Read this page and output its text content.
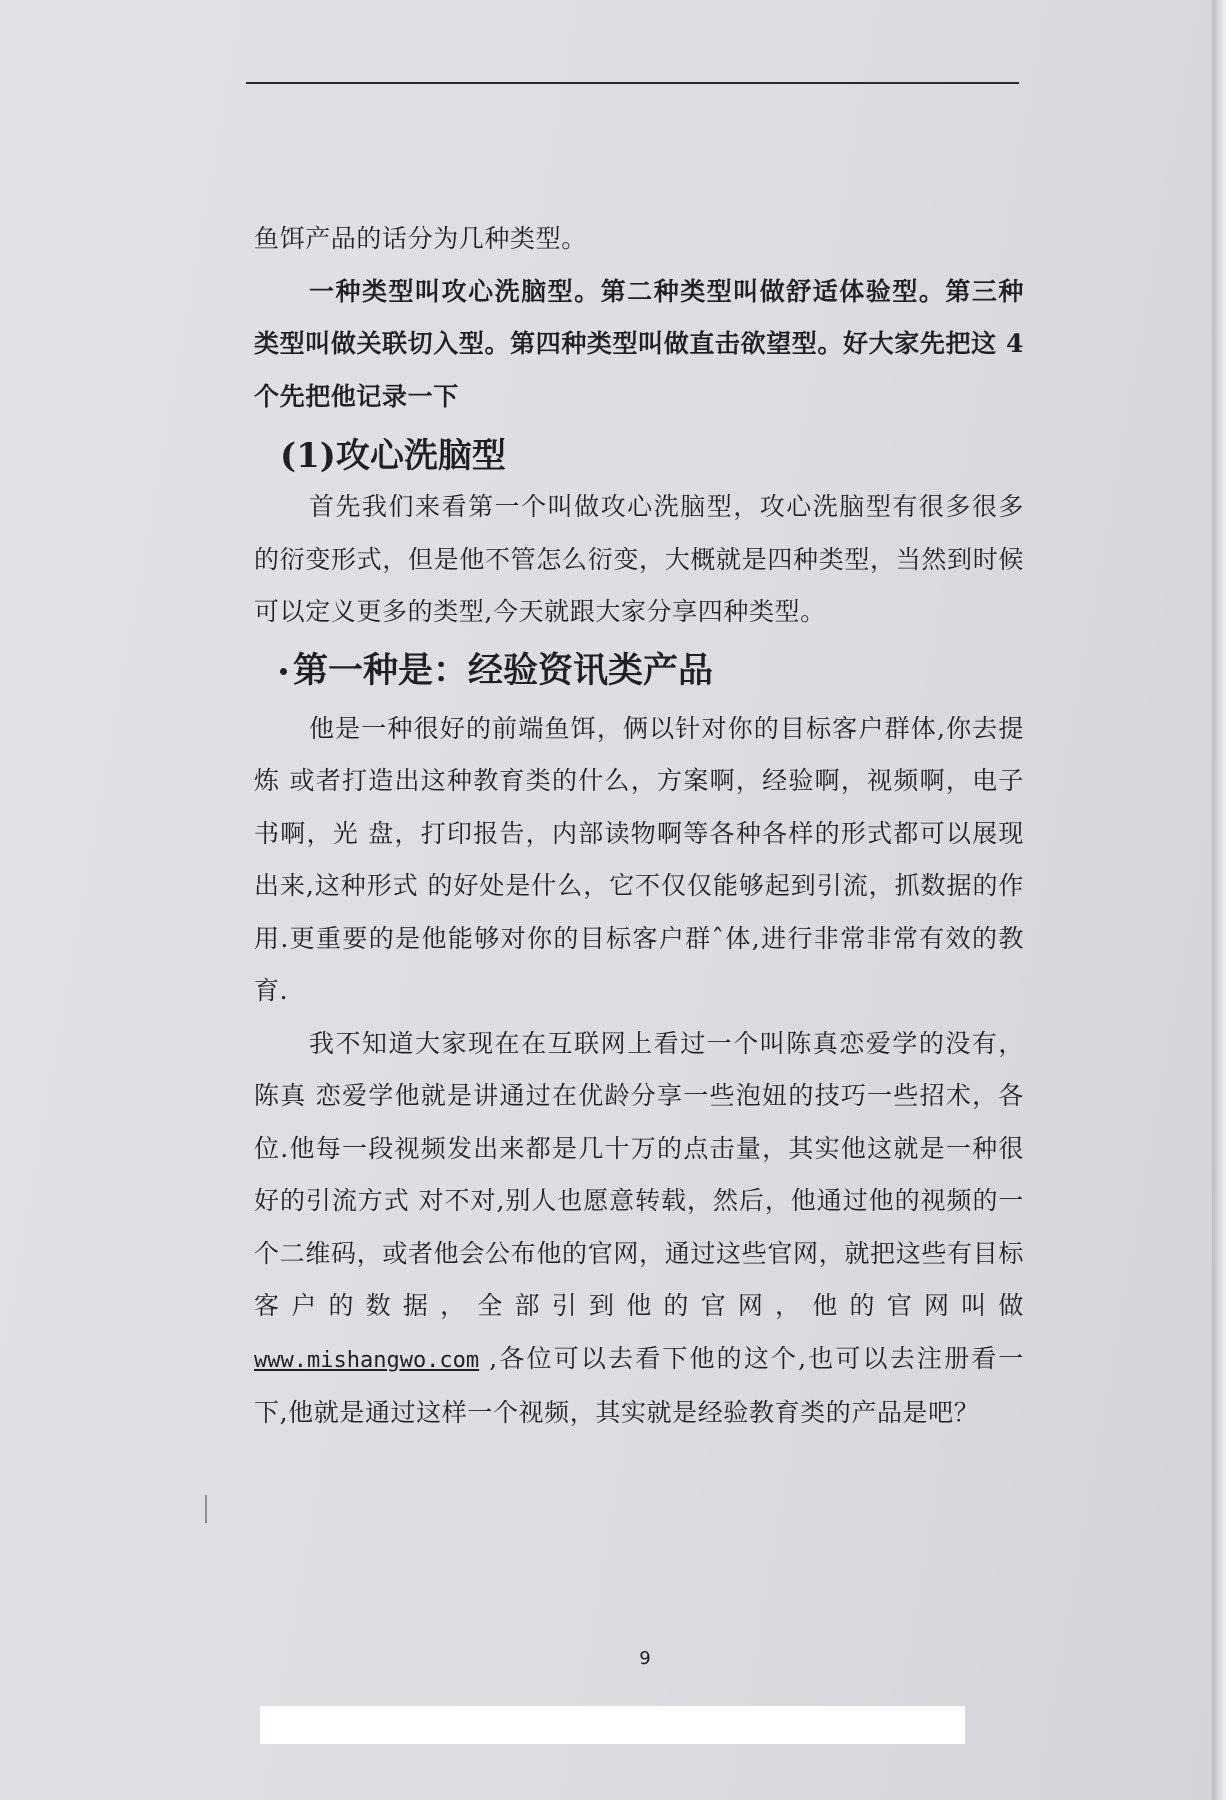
鱼饵产品的话分为几种类型。

一种类型叫攻心洗脑型。第二种类型叫做舒适体验型。第三种类型叫做关联切入型。第四种类型叫做直击欲望型。好大家先把这 4 个先把他记录一下

(1)攻心洗脑型

首先我们来看第一个叫做攻心洗脑型，攻心洗脑型有很多很多的衍变形式，但是他不管怎么衍变，大概就是四种类型，当然到时候可以定义更多的类型,今天就跟大家分享四种类型。

第一种是：经验资讯类产品

他是一种很好的前端鱼饵，俩以针对你的目标客户群体,你去提炼 或者打造出这种教育类的什么，方案啊，经验啊，视频啊，电子书啊，光 盘，打印报告，内部读物啊等各种各样的形式都可以展现出来,这种形式 的好处是什么，它不仅仅能够起到引流，抓数据的作用.更重要的是他能够对你的目标客户群ˆ体,进行非常非常有效的教育.

我不知道大家现在在互联网上看过一个叫陈真恋爱学的没有，陈真 恋爱学他就是讲通过在优龄分享一些泡妞的技巧一些招术，各位.他每一段视频发出来都是几十万的点击量，其实他这就是一种很好的引流方式 对不对,别人也愿意转载，然后，他通过他的视频的一个二维码，或者他会公布他的官网，通过这些官网，就把这些有目标客户的数据，全部引到他的官网，他的官网叫做 www.mishangwo.com ,各位可以去看下他的这个,也可以去注册看一下,他就是通过这样一个视频，其实就是经验教育类的产品是吧？

9
